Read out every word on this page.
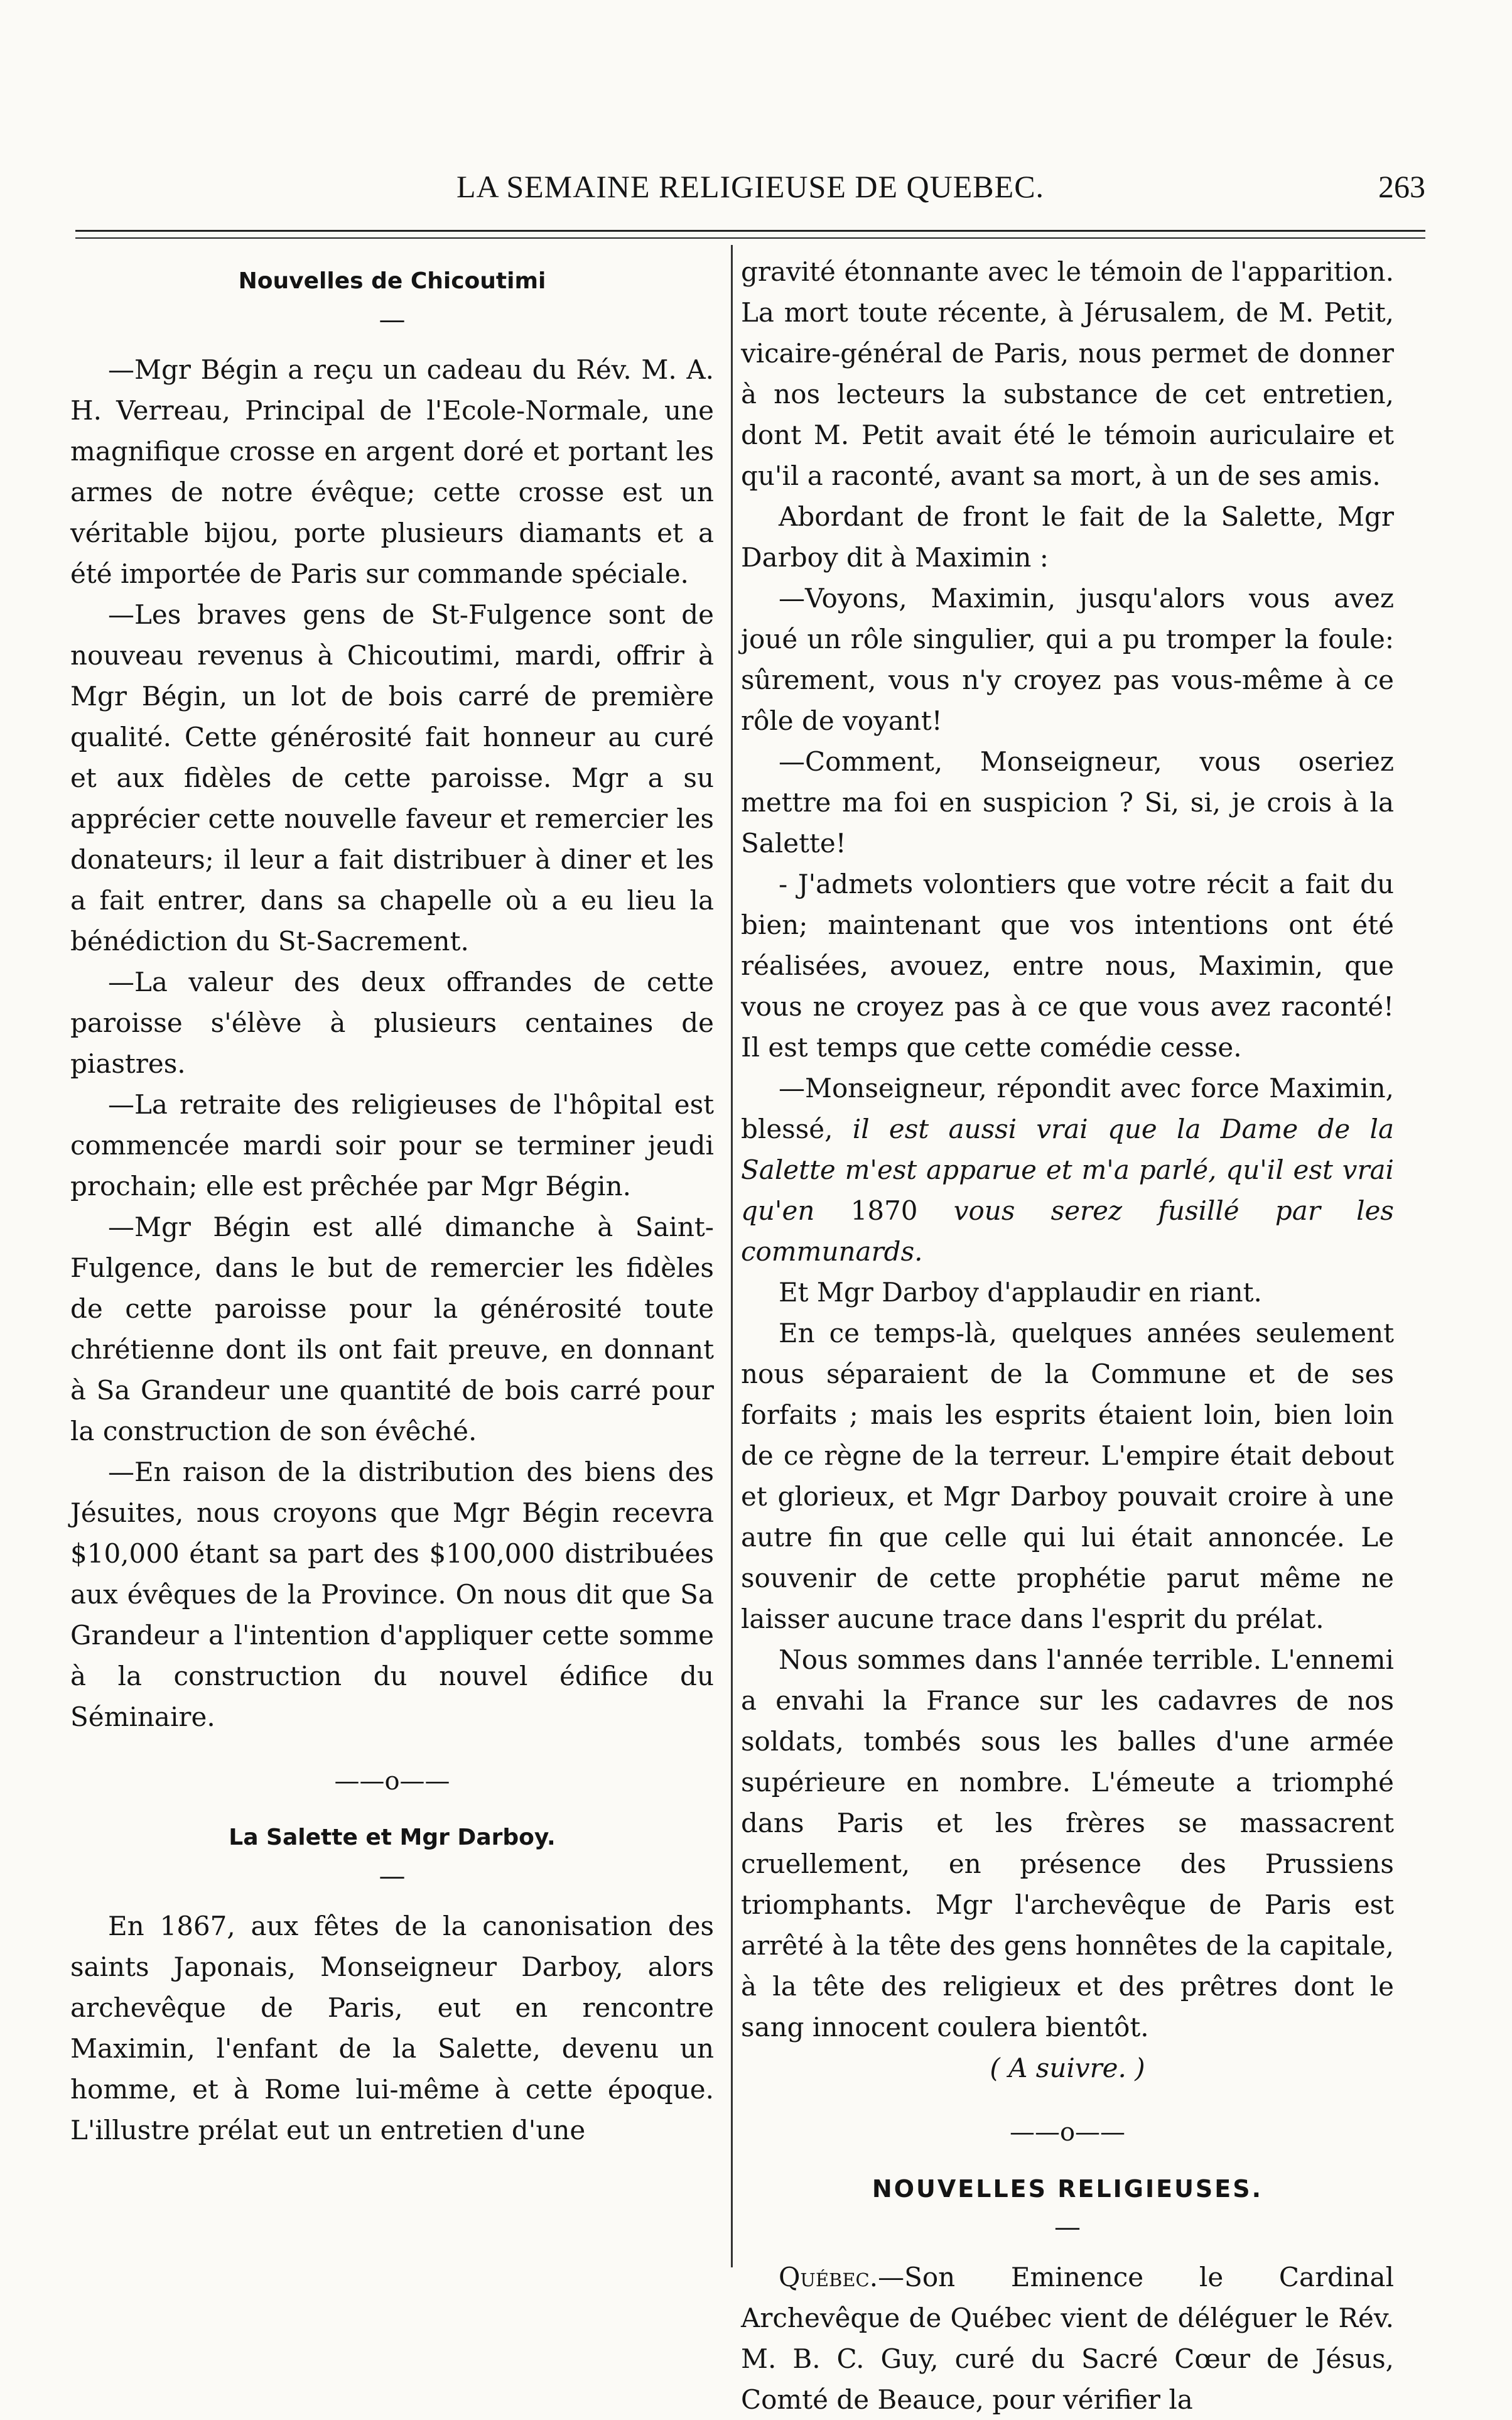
LA SEMAINE RELIGIEUSE DE QUEBEC.	263
Nouvelles de Chicoutimi
—

—Mgr Bégin a reçu un cadeau du Rév. M. A. H. Verreau, Principal de l'Ecole-Normale, une magnifique crosse en argent doré et portant les armes de notre évêque; cette crosse est un véritable bijou, porte plusieurs diamants et a été importée de Paris sur commande spéciale.

—Les braves gens de St-Fulgence sont de nouveau revenus à Chicoutimi, mardi, offrir à Mgr Bégin, un lot de bois carré de première qualité. Cette générosité fait honneur au curé et aux fidèles de cette paroisse. Mgr a su apprécier cette nouvelle faveur et remercier les donateurs; il leur a fait distribuer à diner et les a fait entrer, dans sa chapelle où a eu lieu la bénédiction du St-Sacrement.

—La valeur des deux offrandes de cette paroisse s'élève à plusieurs centaines de piastres.

—La retraite des religieuses de l'hôpital est commencée mardi soir pour se terminer jeudi prochain; elle est prêchée par Mgr Bégin.

—Mgr Bégin est allé dimanche à Saint-Fulgence, dans le but de remercier les fidèles de cette paroisse pour la générosité toute chrétienne dont ils ont fait preuve, en donnant à Sa Grandeur une quantité de bois carré pour la construction de son évêché.

—En raison de la distribution des biens des Jésuites, nous croyons que Mgr Bégin recevra $10,000 étant sa part des $100,000 distribuées aux évêques de la Province. On nous dit que Sa Grandeur a l'intention d'appliquer cette somme à la construction du nouvel édifice du Séminaire.

——o——
La Salette et Mgr Darboy.
—

En 1867, aux fêtes de la canonisation des saints Japonais, Monseigneur Darboy, alors archevêque de Paris, eut en rencontre Maximin, l'enfant de la Salette, devenu un homme, et à Rome lui-même à cette époque. L'illustre prélat eut un entretien d'une

gravité étonnante avec le témoin de l'apparition. La mort toute récente, à Jérusalem, de M. Petit, vicaire-général de Paris, nous permet de donner à nos lecteurs la substance de cet entretien, dont M. Petit avait été le témoin auriculaire et qu'il a raconté, avant sa mort, à un de ses amis.

Abordant de front le fait de la Salette, Mgr Darboy dit à Maximin :

—Voyons, Maximin, jusqu'alors vous avez joué un rôle singulier, qui a pu tromper la foule: sûrement, vous n'y croyez pas vous-même à ce rôle de voyant!

—Comment, Monseigneur, vous oseriez mettre ma foi en suspicion ? Si, si, je crois à la Salette!

- J'admets volontiers que votre récit a fait du bien; maintenant que vos intentions ont été réalisées, avouez, entre nous, Maximin, que vous ne croyez pas à ce que vous avez raconté! Il est temps que cette comédie cesse.

—Monseigneur, répondit avec force Maximin, blessé, il est aussi vrai que la Dame de la Salette m'est apparue et m'a parlé, qu'il est vrai qu'en 1870 vous serez fusillé par les communards.

Et Mgr Darboy d'applaudir en riant.

En ce temps-là, quelques années seulement nous séparaient de la Commune et de ses forfaits ; mais les esprits étaient loin, bien loin de ce règne de la terreur. L'empire était debout et glorieux, et Mgr Darboy pouvait croire à une autre fin que celle qui lui était annoncée. Le souvenir de cette prophétie parut même ne laisser aucune trace dans l'esprit du prélat.

Nous sommes dans l'année terrible. L'ennemi a envahi la France sur les cadavres de nos soldats, tombés sous les balles d'une armée supérieure en nombre. L'émeute a triomphé dans Paris et les frères se massacrent cruellement, en présence des Prussiens triomphants. Mgr l'archevêque de Paris est arrêté à la tête des gens honnêtes de la capitale, à la tête des religieux et des prêtres dont le sang innocent coulera bientôt.

( A suivre. )
——o——
NOUVELLES RELIGIEUSES.
—

Québec.—Son Eminence le Cardinal Archevêque de Québec vient de déléguer le Rév. M. B. C. Guy, curé du Sacré Cœur de Jésus, Comté de Beauce, pour vérifier la
